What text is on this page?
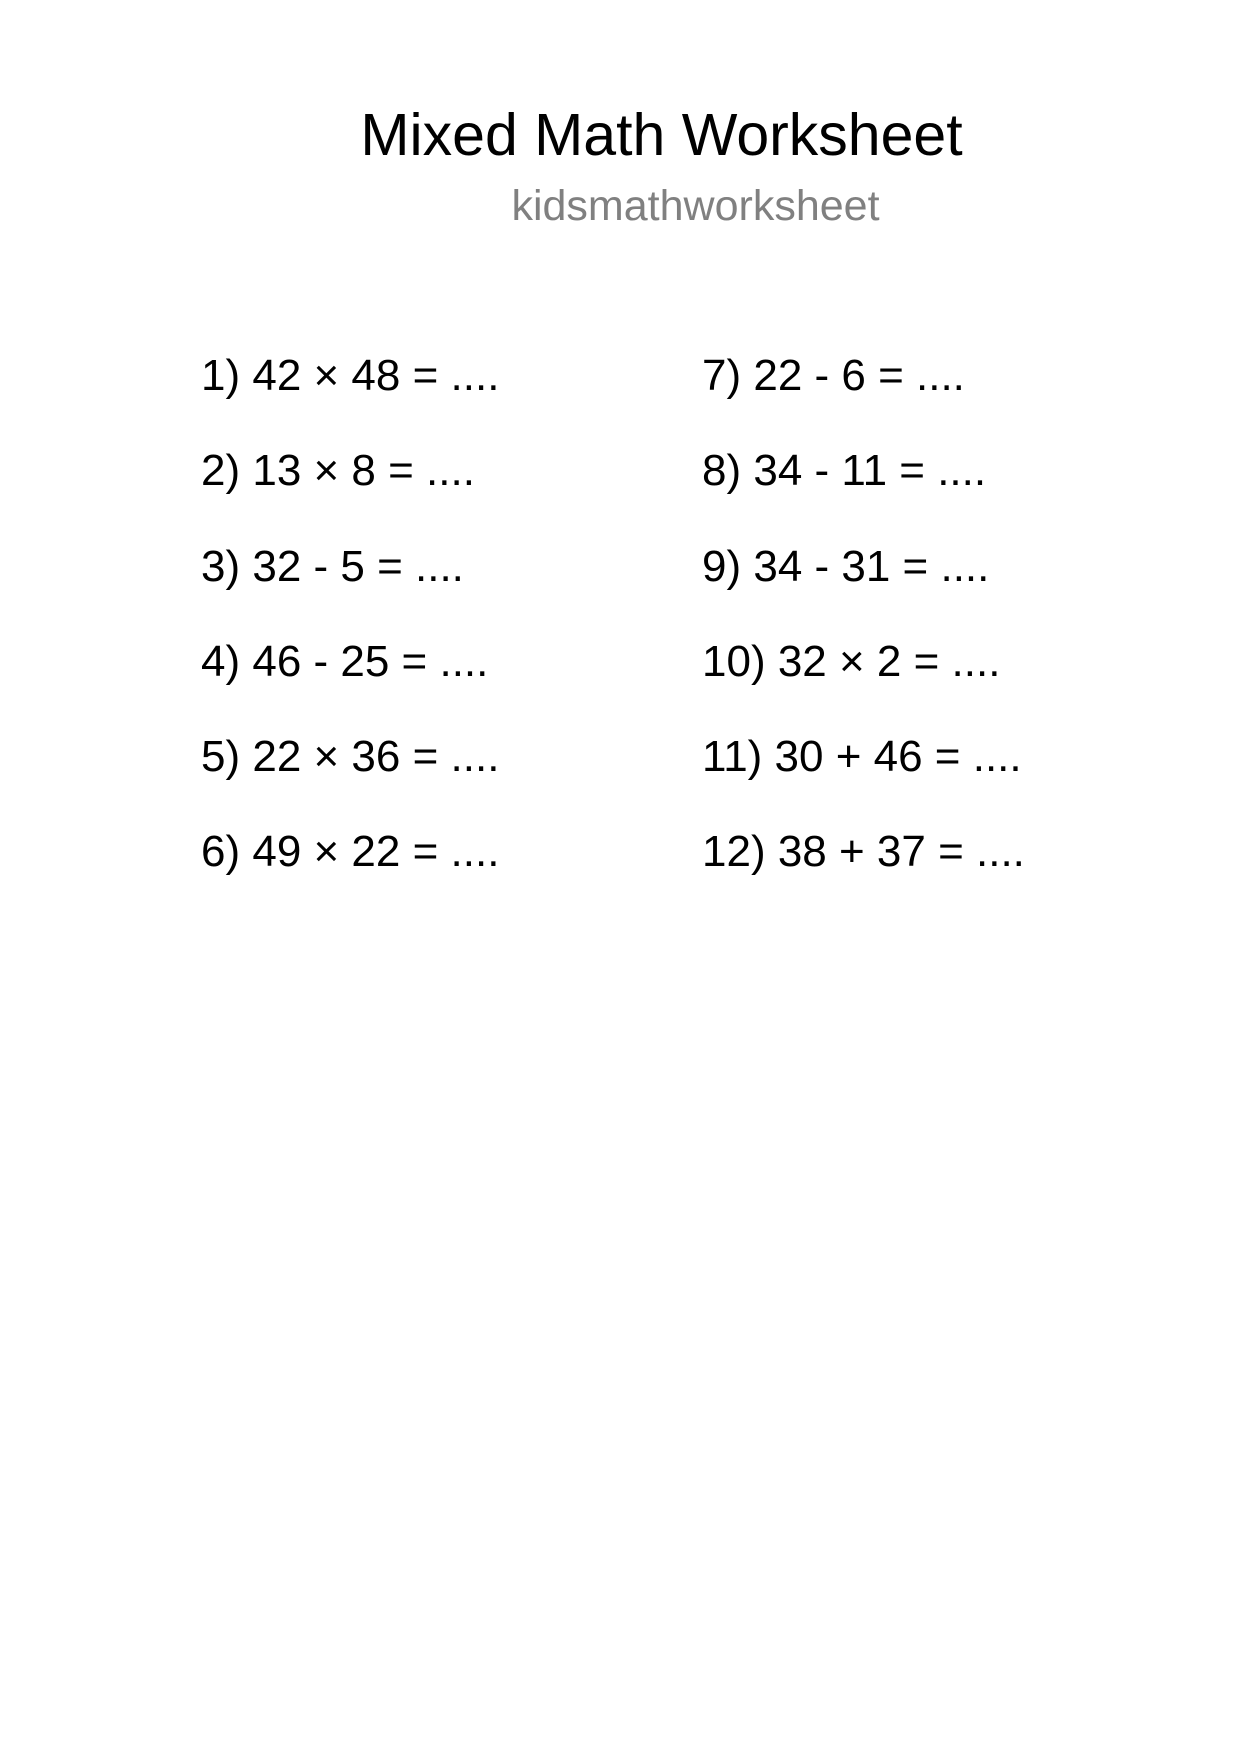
Mixed Math Worksheet
kidsmathworksheet
1) 42 × 48 = ....
2) 13 × 8 = ....
3) 32 - 5 = ....
4) 46 - 25 = ....
5) 22 × 36 = ....
6) 49 × 22 = ....
7) 22 - 6 = ....
8) 34 - 11 = ....
9) 34 - 31 = ....
10) 32 × 2 = ....
11) 30 + 46 = ....
12) 38 + 37 = ....
